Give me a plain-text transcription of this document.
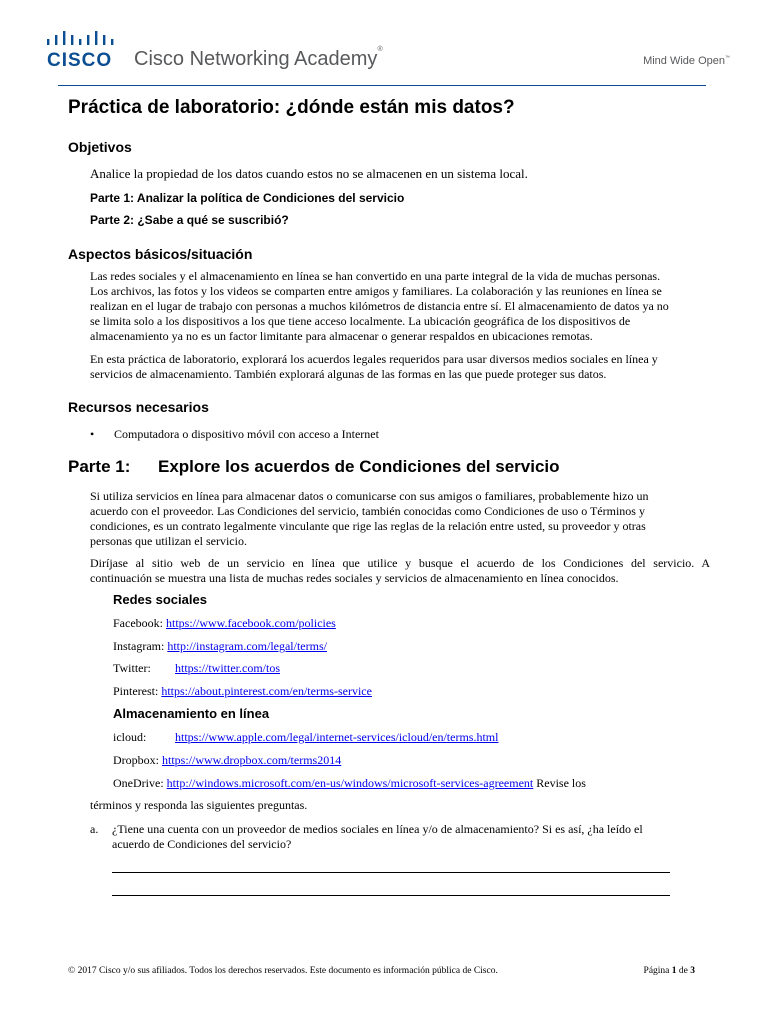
CISCO Cisco Networking Academy®
Mind Wide Open™
Práctica de laboratorio: ¿dónde están mis datos?
Objetivos

Analice la propiedad de los datos cuando estos no se almacenen en un sistema local.

Parte 1: Analizar la política de Condiciones del servicio
Parte 2: ¿Sabe a qué se suscribió?
Aspectos básicos/situación
Las redes sociales y el almacenamiento en línea se han convertido en una parte integral de la vida de muchas personas.
Los archivos, las fotos y los videos se comparten entre amigos y familiares. La colaboración y las reuniones en línea se
realizan en el lugar de trabajo con personas a muchos kilómetros de distancia entre sí. El almacenamiento de datos ya no
se limita solo a los dispositivos a los que tiene acceso localmente. La ubicación geográfica de los dispositivos de
almacenamiento ya no es un factor limitante para almacenar o generar respaldos en ubicaciones remotas.
En esta práctica de laboratorio, explorará los acuerdos legales requeridos para usar diversos medios sociales en línea y
servicios de almacenamiento. También explorará algunas de las formas en las que puede proteger sus datos.
Recursos necesarios
• Computadora o dispositivo móvil con acceso a Internet
Parte 1: Explore los acuerdos de Condiciones del servicio
Si utiliza servicios en línea para almacenar datos o comunicarse con sus amigos o familiares, probablemente hizo un
acuerdo con el proveedor. Las Condiciones del servicio, también conocidas como Condiciones de uso o Términos y
condiciones, es un contrato legalmente vinculante que rige las reglas de la relación entre usted, su proveedor y otras
personas que utilizan el servicio.
Diríjase al sitio web de un servicio en línea que utilice y busque el acuerdo de los Condiciones del servicio. A
continuación se muestra una lista de muchas redes sociales y servicios de almacenamiento en línea conocidos.
Redes sociales
Facebook: https://www.facebook.com/policies
Instagram: http://instagram.com/legal/terms/
Twitter: https://twitter.com/tos
Pinterest: https://about.pinterest.com/en/terms-service
Almacenamiento en línea
icloud: https://www.apple.com/legal/internet-services/icloud/en/terms.html
Dropbox: https://www.dropbox.com/terms2014
OneDrive: http://windows.microsoft.com/en-us/windows/microsoft-services-agreement Revise los
términos y responda las siguientes preguntas.
a. ¿Tiene una cuenta con un proveedor de medios sociales en línea y/o de almacenamiento? Si es así, ¿ha leído el
acuerdo de Condiciones del servicio?
© 2017 Cisco y/o sus afiliados. Todos los derechos reservados. Este documento es información pública de Cisco.	Página 1 de 3
